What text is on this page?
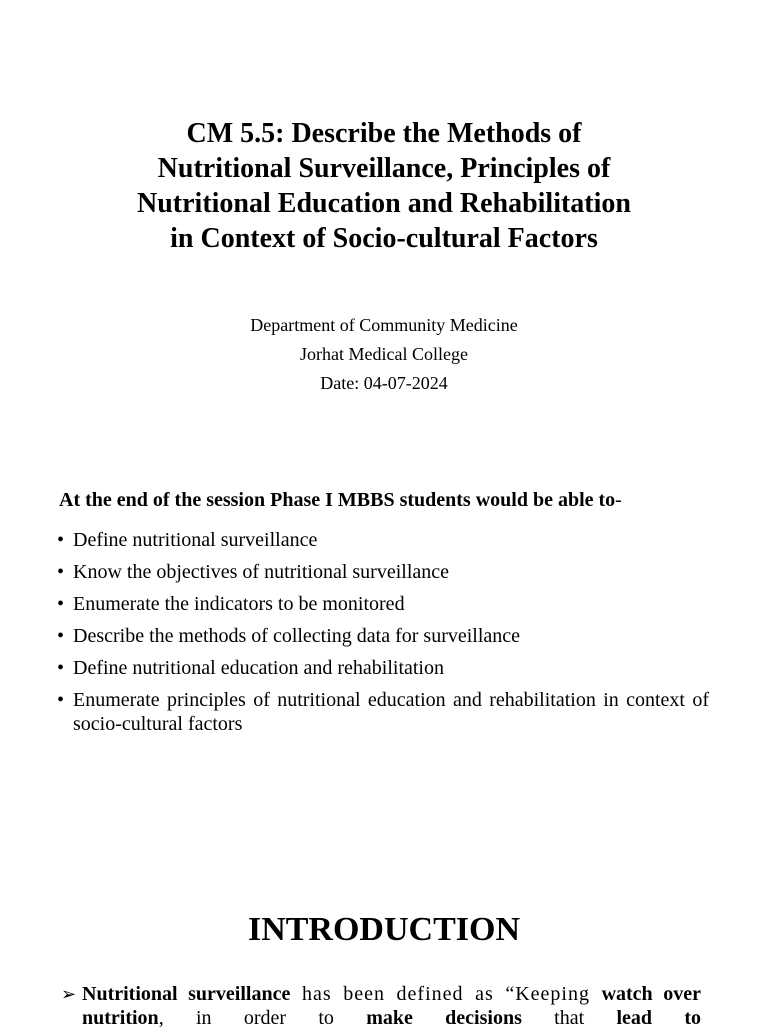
CM 5.5: Describe the Methods of
Nutritional Surveillance, Principles of
Nutritional Education and Rehabilitation
in Context of Socio-cultural Factors
Department of Community Medicine
Jorhat Medical College
Date: 04-07-2024
At the end of the session Phase I MBBS students would be able to-
• Define nutritional surveillance
• Know the objectives of nutritional surveillance
• Enumerate the indicators to be monitored
• Describe the methods of collecting data for surveillance
• Define nutritional education and rehabilitation
• Enumerate principles of nutritional education and rehabilitation in context of socio-cultural factors
INTRODUCTION
➢ Nutritional surveillance has been defined as “Keeping watch over nutrition, in order to make decisions that lead to
